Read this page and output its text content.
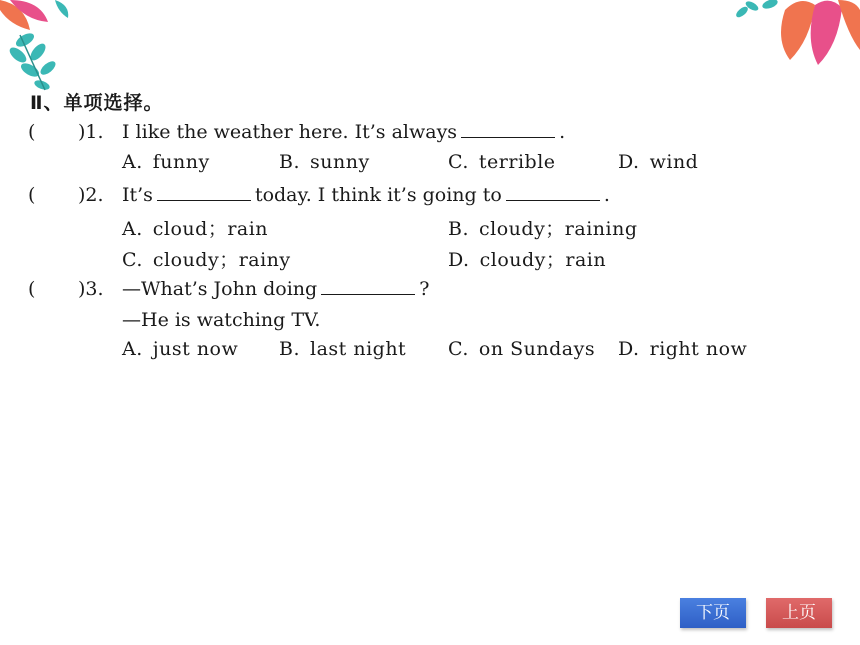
Ⅱ、单项选择。
( )1. I like the weather here. It’s always	.
A. funny	B. sunny	C. terrible	D. wind
( )2. It’s	today. I think it’s going to	.
A. cloud；rain	B. cloudy；raining
C. cloudy；rainy	D. cloudy；rain
( )3. —What’s John doing	?
—He is watching TV.
A. just now B. last night C. on Sundays D. right now
下页	上页
